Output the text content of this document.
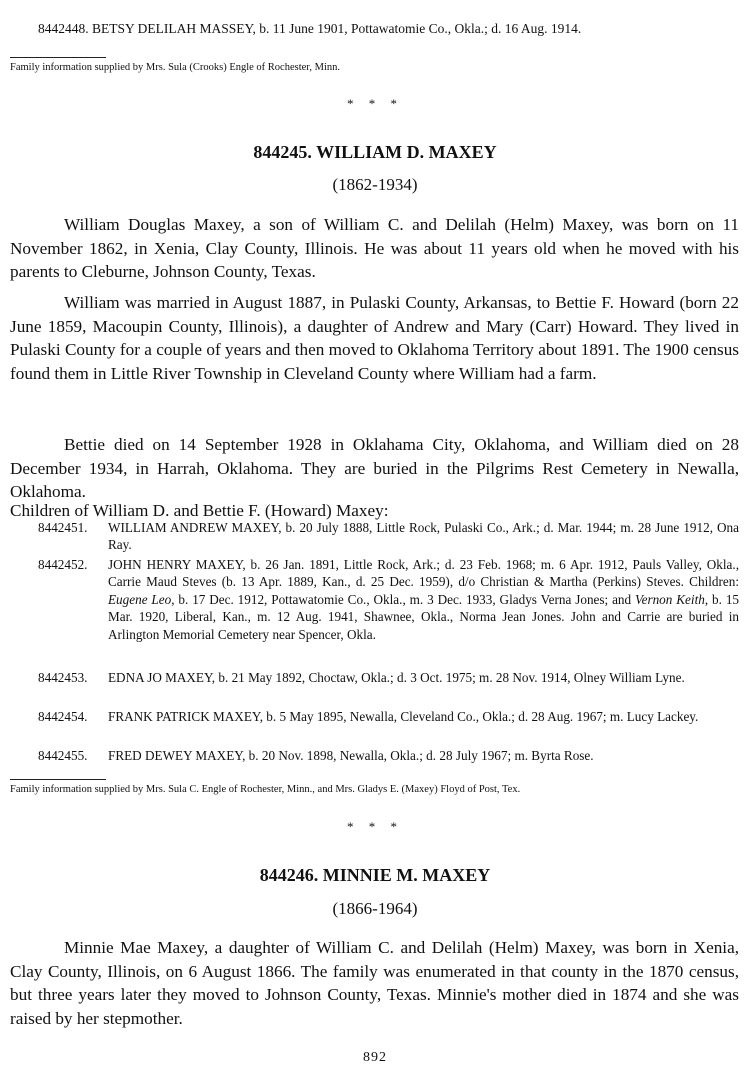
8442448. BETSY DELILAH MASSEY, b. 11 June 1901, Pottawatomie Co., Okla.; d. 16 Aug. 1914.
Family information supplied by Mrs. Sula (Crooks) Engle of Rochester, Minn.
* * *
844245. WILLIAM D. MAXEY
(1862-1934)

William Douglas Maxey, a son of William C. and Delilah (Helm) Maxey, was born on 11 November 1862, in Xenia, Clay County, Illinois. He was about 11 years old when he moved with his parents to Cleburne, Johnson County, Texas.

William was married in August 1887, in Pulaski County, Arkansas, to Bettie F. Howard (born 22 June 1859, Macoupin County, Illinois), a daughter of Andrew and Mary (Carr) Howard. They lived in Pulaski County for a couple of years and then moved to Oklahoma Territory about 1891. The 1900 census found them in Little River Township in Cleveland County where William had a farm.

Bettie died on 14 September 1928 in Oklahama City, Oklahoma, and William died on 28 December 1934, in Harrah, Oklahoma. They are buried in the Pilgrims Rest Cemetery in Newalla, Oklahoma.

Children of William D. and Bettie F. (Howard) Maxey:

8442451. WILLIAM ANDREW MAXEY, b. 20 July 1888, Little Rock, Pulaski Co., Ark.; d. Mar. 1944; m. 28 June 1912, Ona Ray.
8442452. JOHN HENRY MAXEY, b. 26 Jan. 1891, Little Rock, Ark.; d. 23 Feb. 1968; m. 6 Apr. 1912, Pauls Valley, Okla., Carrie Maud Steves (b. 13 Apr. 1889, Kan., d. 25 Dec. 1959), d/o Christian & Martha (Perkins) Steves. Children: Eugene Leo, b. 17 Dec. 1912, Pottawatomie Co., Okla., m. 3 Dec. 1933, Gladys Verna Jones; and Vernon Keith, b. 15 Mar. 1920, Liberal, Kan., m. 12 Aug. 1941, Shawnee, Okla., Norma Jean Jones. John and Carrie are buried in Arlington Memorial Cemetery near Spencer, Okla.
8442453. EDNA JO MAXEY, b. 21 May 1892, Choctaw, Okla.; d. 3 Oct. 1975; m. 28 Nov. 1914, Olney William Lyne.
8442454. FRANK PATRICK MAXEY, b. 5 May 1895, Newalla, Cleveland Co., Okla.; d. 28 Aug. 1967; m. Lucy Lackey.
8442455. FRED DEWEY MAXEY, b. 20 Nov. 1898, Newalla, Okla.; d. 28 July 1967; m. Byrta Rose.
Family information supplied by Mrs. Sula C. Engle of Rochester, Minn., and Mrs. Gladys E. (Maxey) Floyd of Post, Tex.
* * *
844246. MINNIE M. MAXEY
(1866-1964)

Minnie Mae Maxey, a daughter of William C. and Delilah (Helm) Maxey, was born in Xenia, Clay County, Illinois, on 6 August 1866. The family was enumerated in that county in the 1870 census, but three years later they moved to Johnson County, Texas. Minnie's mother died in 1874 and she was raised by her stepmother.

892
